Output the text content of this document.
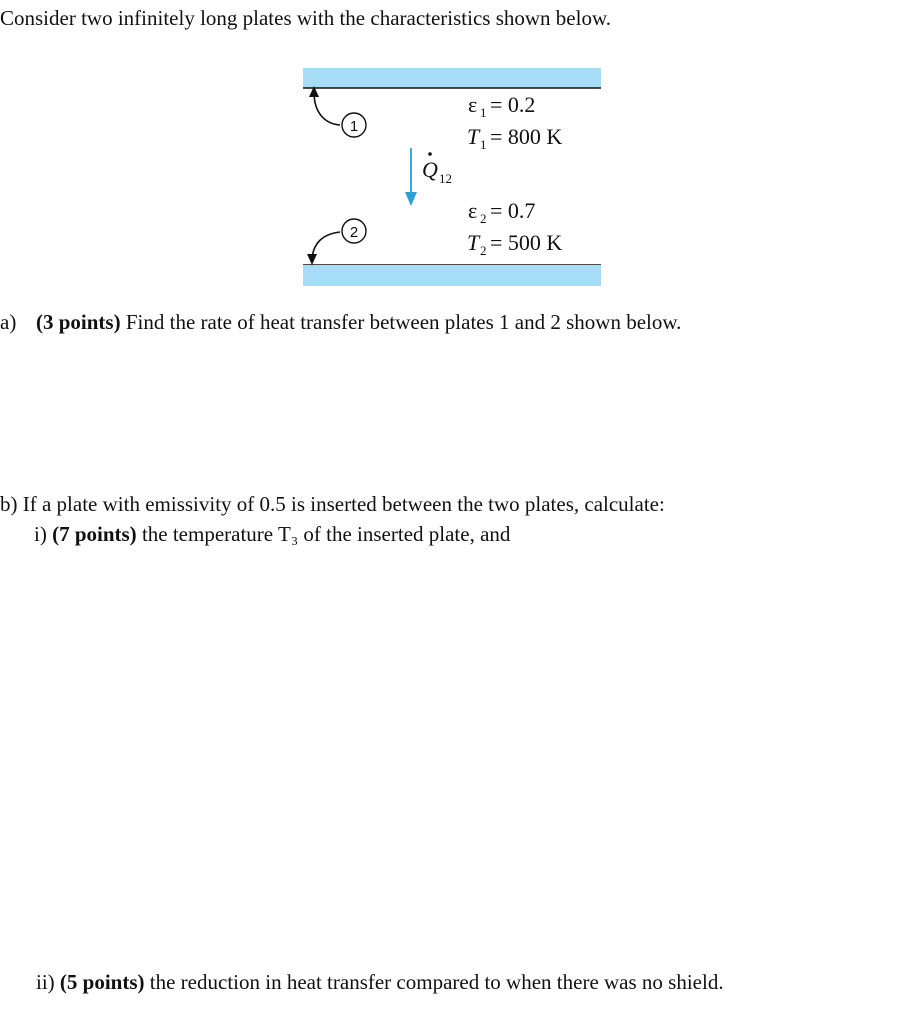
Consider two infinitely long plates with the characteristics shown below.
1
2
Q 12
ε 1 = 0.2
T 1 = 800 K
ε 2 = 0.7
T 2 = 500 K
a) (3 points) Find the rate of heat transfer between plates 1 and 2 shown below.
b) If a plate with emissivity of 0.5 is inserted between the two plates, calculate:
i) (7 points) the temperature T₃ of the inserted plate, and
ii) (5 points) the reduction in heat transfer compared to when there was no shield.
